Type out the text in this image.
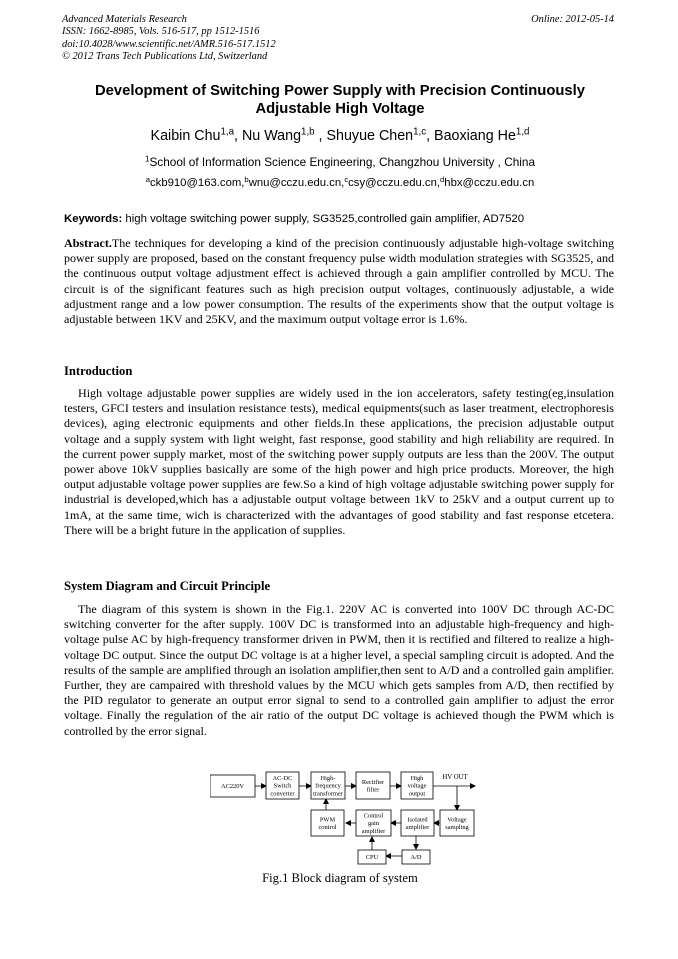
Advanced Materials Research
ISSN: 1662-8985, Vols. 516-517, pp 1512-1516
doi:10.4028/www.scientific.net/AMR.516-517.1512
© 2012 Trans Tech Publications Ltd, Switzerland
Online: 2012-05-14
Development of Switching Power Supply with Precision Continuously Adjustable High Voltage
Kaibin Chu$^{1,a}$, Nu Wang$^{1,b}$ , Shuyue Chen$^{1,c}$, Baoxiang He$^{1,d}$
$^1$School of Information Science Engineering, Changzhou University , China
$^a$ckb910@163.com,$^b$wnu@cczu.edu.cn,$^c$csy@cczu.edu.cn,$^d$hbx@cczu.edu.cn
Keywords: high voltage switching power supply, SG3525,controlled gain amplifier, AD7520

Abstract.The techniques for developing a kind of the precision continuously adjustable high-voltage switching power supply are proposed, based on the constant frequency pulse width modulation strategies with SG3525, and the continuous output voltage adjustment effect is achieved through a gain amplifier controlled by MCU. The circuit is of the significant features such as high precision output voltages, continuously adjustable, a wide adjustment range and a low power consumption. The results of the experiments show that the output voltage is adjustable between 1KV and 25KV, and the maximum output voltage error is 1.6%.

Introduction

High voltage adjustable power supplies are widely used in the ion accelerators, safety testing(eg,insulation testers, GFCI testers and insulation resistance tests), medical equipments(such as laser treatment, electrophoresis devices), aging electronic equipments and other fields.In these applications, the precision adjustable output voltage and a supply system with light weight, fast response, good stability and high reliability are required. In the current power supply market, most of the switching power supply outputs are less than the 200V. The output power above 10kV supplies basically are some of the high power and high price products. Moreover, the high output adjustable voltage power supplies are few.So a kind of high voltage adjustable switching power supply for industrial is developed,which has a adjustable output voltage between 1kV to 25kV and a output current up to 1mA, at the same time, wich is characterized with the advantages of good stability and fast response etcetera. There will be a bright future in the application of supplies.

System Diagram and Circuit Principle

The diagram of this system is shown in the Fig.1. 220V AC is converted into 100V DC through AC-DC switching converter for the after supply. 100V DC is transformed into an adjustable high-frequency and high-voltage pulse AC by high-frequency transformer driven in PWM, then it is rectified and filtered to realize a high-voltage DC output. Since the output DC voltage is at a higher level, a special sampling circuit is adopted. And the results of the sample are amplified through an isolation amplifier,then sent to A/D and a controlled gain amplifier. Further, they are campaired with threshold values by the MCU which gets samples from A/D, then rectified by the PID regulator to generate an output error signal to send to a controlled gain amplifier to adjust the error voltage. Finally the regulation of the air ratio of the output DC voltage is achieved though the PWM which is controlled by the error signal.

AC220V
AC-DC
Switch
converter
High-
frequency
transformer
Rectifier
filter
High
voltage
output
PWM
control
Control
gain
amplifier
Isolated
amplifier
Voltage
sampling
CPU	A/D
HV OUT
Fig.1 Block diagram of system
